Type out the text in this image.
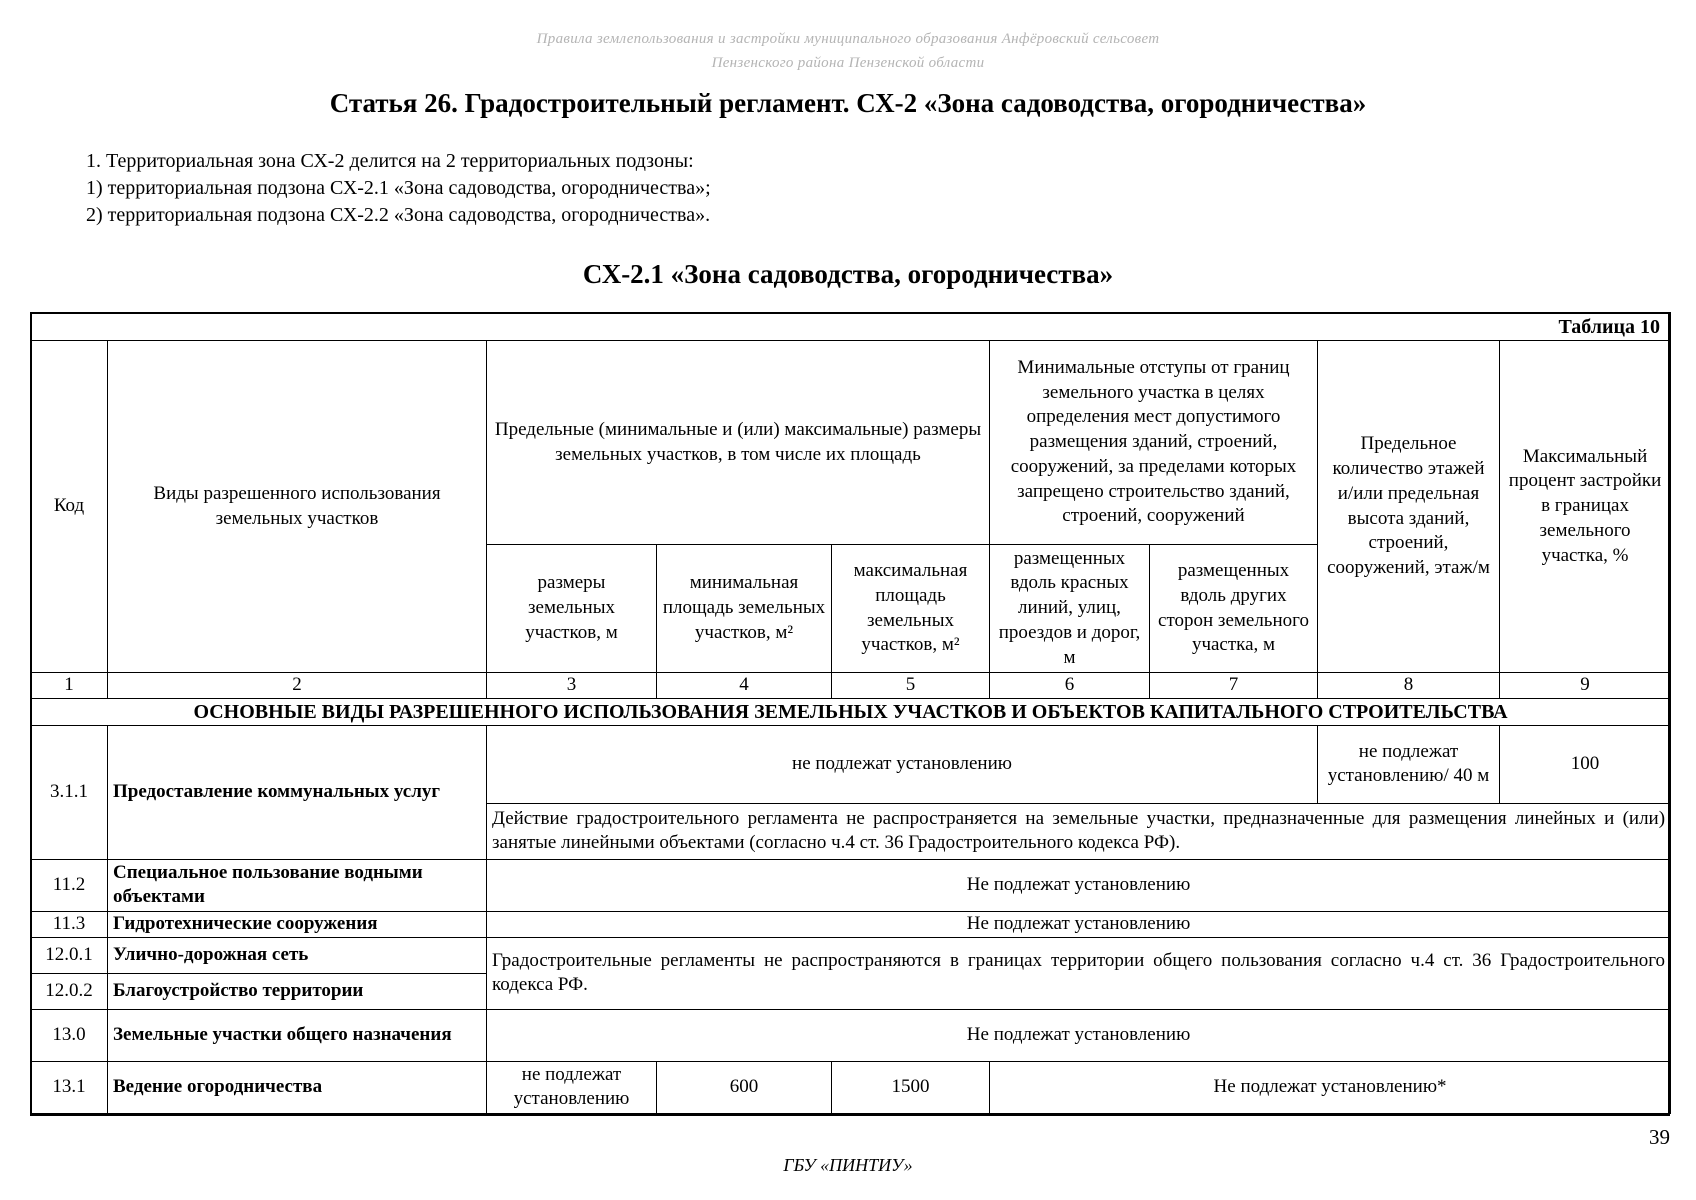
Правила землепользования и застройки муниципального образования Анфёровский сельсовет
Пензенского района Пензенской области
Статья 26. Градостроительный регламент. СХ-2 «Зона садоводства, огородничества»
1. Территориальная зона СХ-2 делится на 2 территориальных подзоны:
1) территориальная подзона СХ-2.1 «Зона садоводства, огородничества»;
2) территориальная подзона СХ-2.2 «Зона садоводства, огородничества».
СХ-2.1 «Зона садоводства, огородничества»
Таблица 10								
Код	Виды разрешенного использования земельных участков	Предельные (минимальные и (или) максимальные) размеры земельных участков, в том числе их площадь			Минимальные отступы от границ земельного участка в целях определения мест допустимого размещения зданий, строений, сооружений, за пределами которых запрещено строительство зданий, строений, сооружений		Предельное количество этажей и/или предельная высота зданий, строений, сооружений, этаж/м	Максимальный процент застройки в границах земельного участка, %
		размеры земельных участков, м	минимальная площадь земельных участков, м²	максимальная площадь земельных участков, м²	размещенных вдоль красных линий, улиц, проездов и дорог, м	размещенных вдоль других сторон земельного участка, м		
1	2	3	4	5	6	7	8	9
ОСНОВНЫЕ ВИДЫ РАЗРЕШЕННОГО ИСПОЛЬЗОВАНИЯ ЗЕМЕЛЬНЫХ УЧАСТКОВ И ОБЪЕКТОВ КАПИТАЛЬНОГО СТРОИТЕЛЬСТВА								
3.1.1	Предоставление коммунальных услуг	не подлежат установлению					не подлежат установлению/ 40 м	100
		Действие градостроительного регламента не распространяется на земельные участки, предназначенные для размещения линейных и (или) занятые линейными объектами (согласно ч.4 ст. 36 Градостроительного кодекса РФ).						
11.2	Специальное пользование водными объектами	Не подлежат установлению						
11.3	Гидротехнические сооружения	Не подлежат установлению						
12.0.1	Улично-дорожная сеть	Градостроительные регламенты не распространяются в границах территории общего пользования согласно ч.4 ст. 36 Градостроительного кодекса РФ.						
12.0.2	Благоустройство территории							
13.0	Земельные участки общего назначения	Не подлежат установлению						
13.1	Ведение огородничества	не подлежат установлению	600	1500	Не подлежат установлению*			
39
ГБУ «ПИНТИУ»
